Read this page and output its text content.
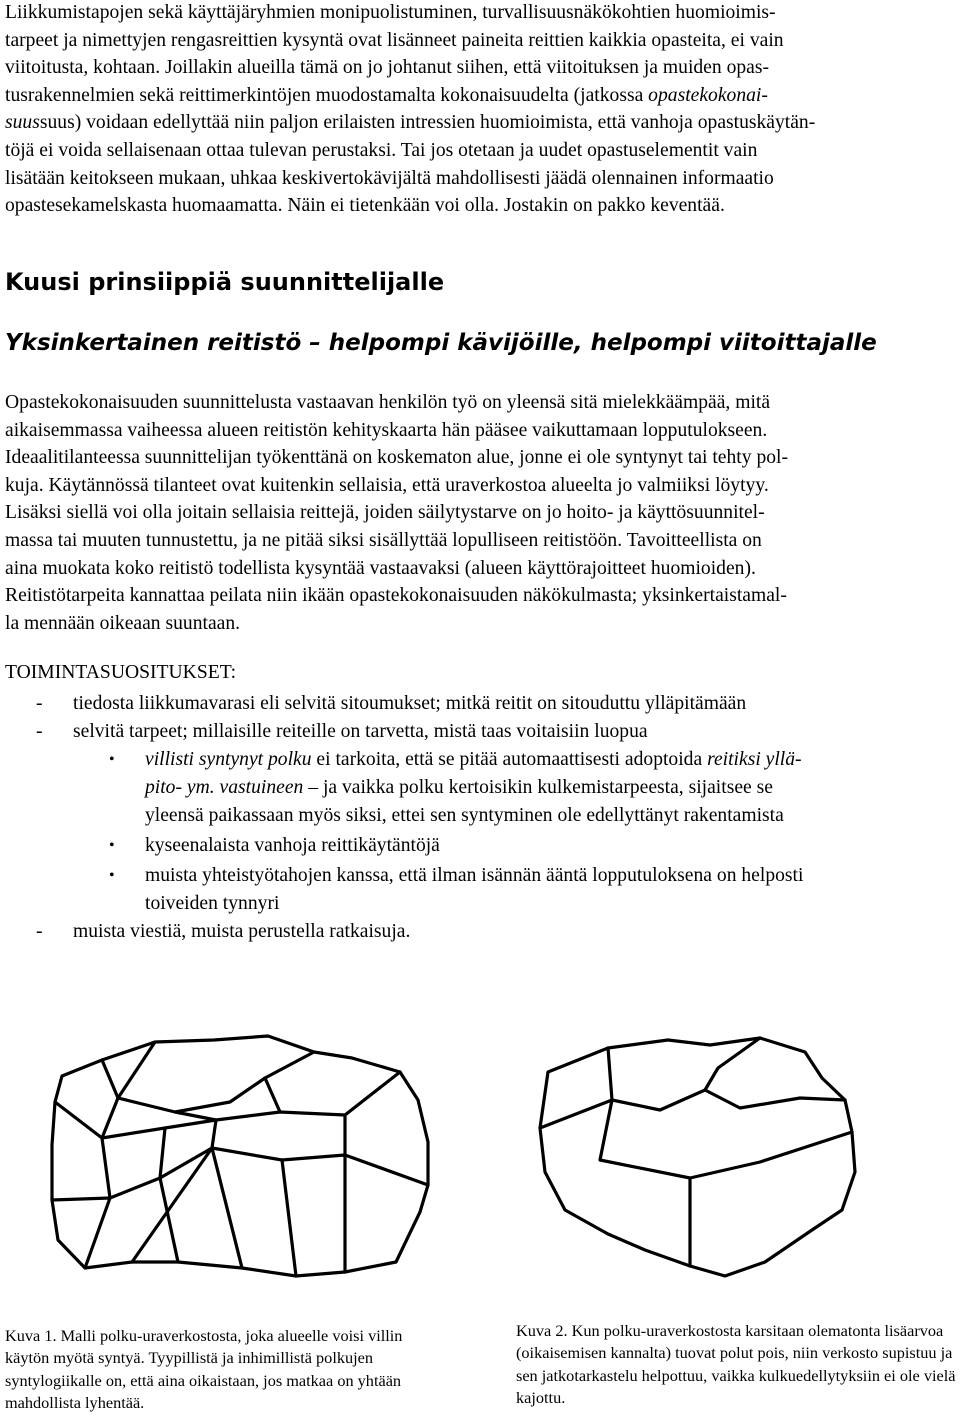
Liikkumistapojen sekä käyttäjäryhmien monipuolistuminen, turvallisuusnäkökohtien huomioimis-
tarpeet ja nimettyjen rengasreittien kysyntä ovat lisänneet paineita reittien kaikkia opasteita, ei vain
viitoitusta, kohtaan. Joillakin alueilla tämä on jo johtanut siihen, että viitoituksen ja muiden opas-
tusrakennelmien sekä reittimerkintöjen muodostamalta kokonaisuudelta (jatkossa opastekokonai-
suussuus) voidaan edellyttää niin paljon erilaisten intressien huomioimista, että vanhoja opastuskäytän-
töjä ei voida sellaisenaan ottaa tulevan perustaksi. Tai jos otetaan ja uudet opastuselementit vain
lisätään keitokseen mukaan, uhkaa keskivertokävijältä mahdollisesti jäädä olennainen informaatio
opastesekamelskasta huomaamatta. Näin ei tietenkään voi olla. Jostakin on pakko keventää.
Kuusi prinsiippiä suunnittelijalle
Yksinkertainen reitistö – helpompi kävijöille, helpompi viitoittajalle
Opastekokonaisuuden suunnittelusta vastaavan henkilön työ on yleensä sitä mielekkäämpää, mitä
aikaisemmassa vaiheessa alueen reitistön kehityskaarta hän pääsee vaikuttamaan lopputulokseen.
Ideaalitilanteessa suunnittelijan työkenttänä on koskematon alue, jonne ei ole syntynyt tai tehty pol-
kuja. Käytännössä tilanteet ovat kuitenkin sellaisia, että uraverkostoa alueelta jo valmiiksi löytyy.
Lisäksi siellä voi olla joitain sellaisia reittejä, joiden säilytystarve on jo hoito- ja käyttösuunnitel-
massa tai muuten tunnustettu, ja ne pitää siksi sisällyttää lopulliseen reitistöön. Tavoitteellista on
aina muokata koko reitistö todellista kysyntää vastaavaksi (alueen käyttörajoitteet huomioiden).
Reitistötarpeita kannattaa peilata niin ikään opastekokonaisuuden näkökulmasta; yksinkertaistamal-
la mennään oikeaan suuntaan.
TOIMINTASUOSITUKSET:
- tiedosta liikkumavarasi eli selvitä sitoumukset; mitkä reitit on sitouduttu ylläpitämään
- selvitä tarpeet; millaisille reiteille on tarvetta, mistä taas voitaisiin luopua
• villisti syntynyt polku ei tarkoita, että se pitää automaattisesti adoptoida reitiksi yllä-
pito- ym. vastuineen – ja vaikka polku kertoisikin kulkemistarpeesta, sijaitsee se
yleensä paikassaan myös siksi, ettei sen syntyminen ole edellyttänyt rakentamista
• kyseenalaista vanhoja reittikäytäntöjä
• muista yhteistyötahojen kanssa, että ilman isännän ääntä lopputuloksena on helposti
toiveiden tynnyri
- muista viestiä, muista perustella ratkaisuja.

Kuva 1. Malli polku-uraverkostosta, joka alueelle voisi villin käytön myötä syntyä. Tyypillistä ja inhimillistä polkujen syntylogiikalle on, että aina oikaistaan, jos matkaa on yhtään mahdollista lyhentää.

Kuva 2. Kun polku-uraverkostosta karsitaan olematonta lisäarvoa (oikaisemisen kannalta) tuovat polut pois, niin verkosto supistuu ja sen jatkotarkastelu helpottuu, vaikka kulkuedellytyksiin ei ole vielä kajottu.
